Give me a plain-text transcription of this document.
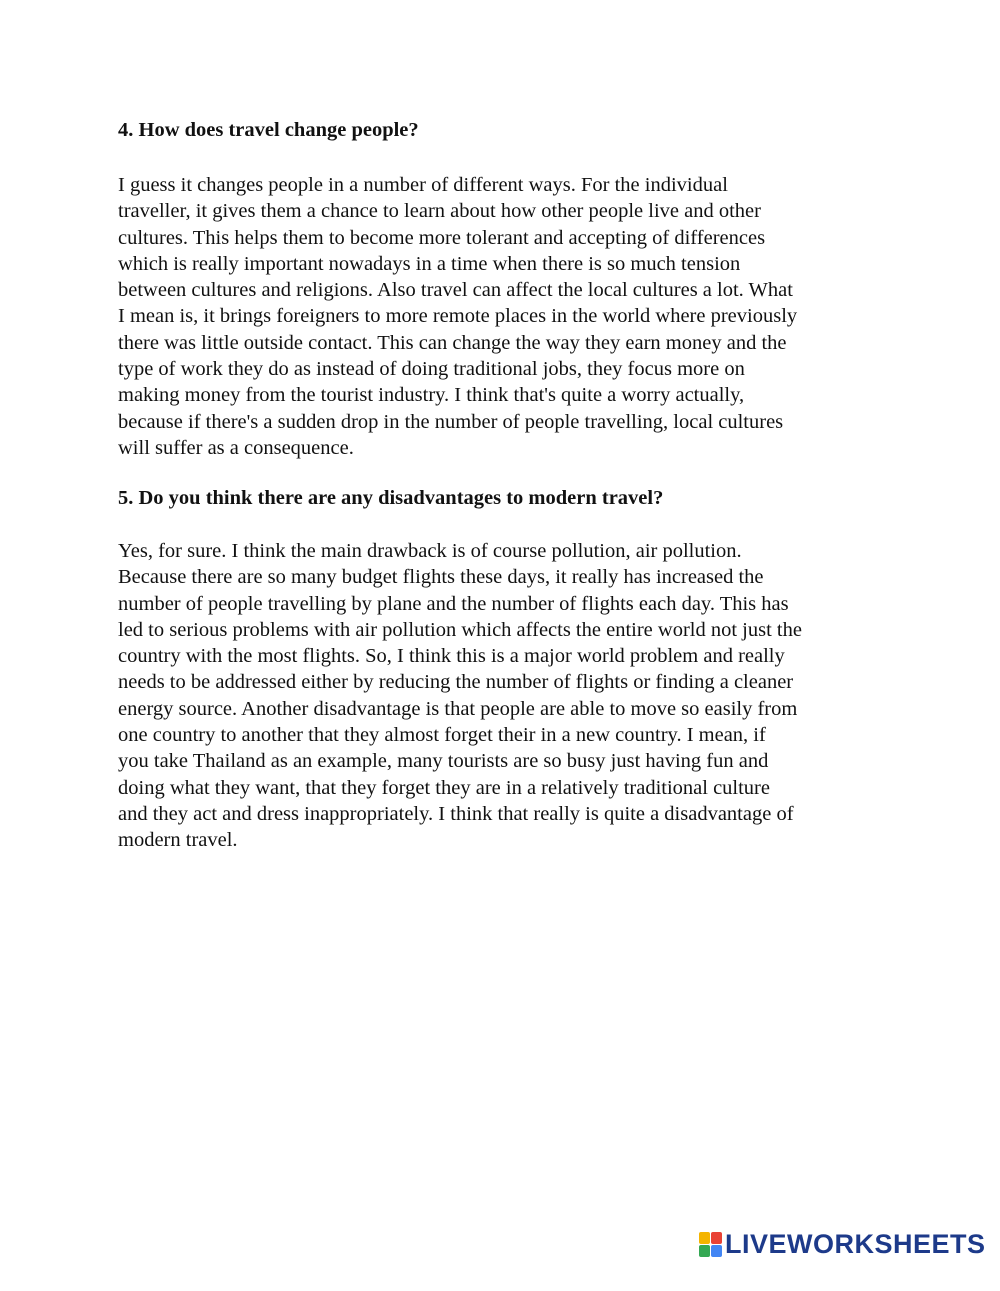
4. How does travel change people?

I guess it changes people in a number of different ways. For the individual
traveller, it gives them a chance to learn about how other people live and other
cultures. This helps them to become more tolerant and accepting of differences
which is really important nowadays in a time when there is so much tension
between cultures and religions. Also travel can affect the local cultures a lot. What
I mean is, it brings foreigners to more remote places in the world where previously
there was little outside contact. This can change the way they earn money and the
type of work they do as instead of doing traditional jobs, they focus more on
making money from the tourist industry. I think that's quite a worry actually,
because if there's a sudden drop in the number of people travelling, local cultures
will suffer as a consequence.

5. Do you think there are any disadvantages to modern travel?

Yes, for sure. I think the main drawback is of course pollution, air pollution.
Because there are so many budget flights these days, it really has increased the
number of people travelling by plane and the number of flights each day. This has
led to serious problems with air pollution which affects the entire world not just the
country with the most flights. So, I think this is a major world problem and really
needs to be addressed either by reducing the number of flights or finding a cleaner
energy source. Another disadvantage is that people are able to move so easily from
one country to another that they almost forget their in a new country. I mean, if
you take Thailand as an example, many tourists are so busy just having fun and
doing what they want, that they forget they are in a relatively traditional culture
and they act and dress inappropriately. I think that really is quite a disadvantage of
modern travel.

LIVEWORKSHEETS
